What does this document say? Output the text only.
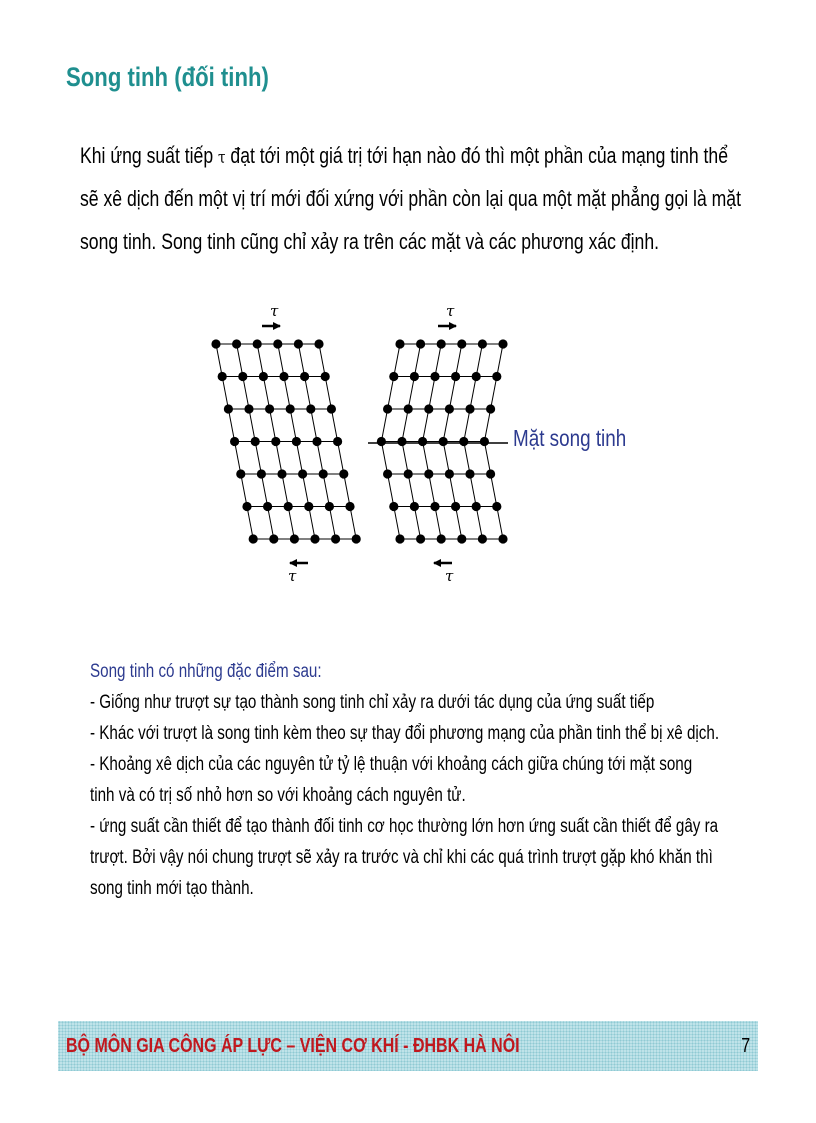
Song tinh (đối tinh)
Khi ứng suất tiếp τ đạt tới một giá trị tới hạn nào đó thì một phần của mạng tinh thể
sẽ xê dịch đến một vị trí mới đối xứng với phần còn lại qua một mặt phẳng gọi là mặt
song tinh. Song tinh cũng chỉ xảy ra trên các mặt và các phương xác định.
τ
τ
τ
τ
Mặt song tinh
Song tinh có những đặc điểm sau:
- Giống như trượt sự tạo thành song tinh chỉ xảy ra dưới tác dụng của ứng suất tiếp
- Khác với trượt là song tinh kèm theo sự thay đổi phương mạng của phần tinh thể bị xê dịch.
- Khoảng xê dịch của các nguyên tử tỷ lệ thuận với khoảng cách giữa chúng tới mặt song
tinh và có trị số nhỏ hơn so với khoảng cách nguyên tử.
- ứng suất cần thiết để tạo thành đối tinh cơ học thường lớn hơn ứng suất cần thiết để gây ra
trượt. Bởi vậy nói chung trượt sẽ xảy ra trước và chỉ khi các quá trình trượt gặp khó khăn thì
song tinh mới tạo thành.
BỘ MÔN GIA CÔNG ÁP LỰC – VIỆN CƠ KHÍ - ĐHBK HÀ NÔI	7
